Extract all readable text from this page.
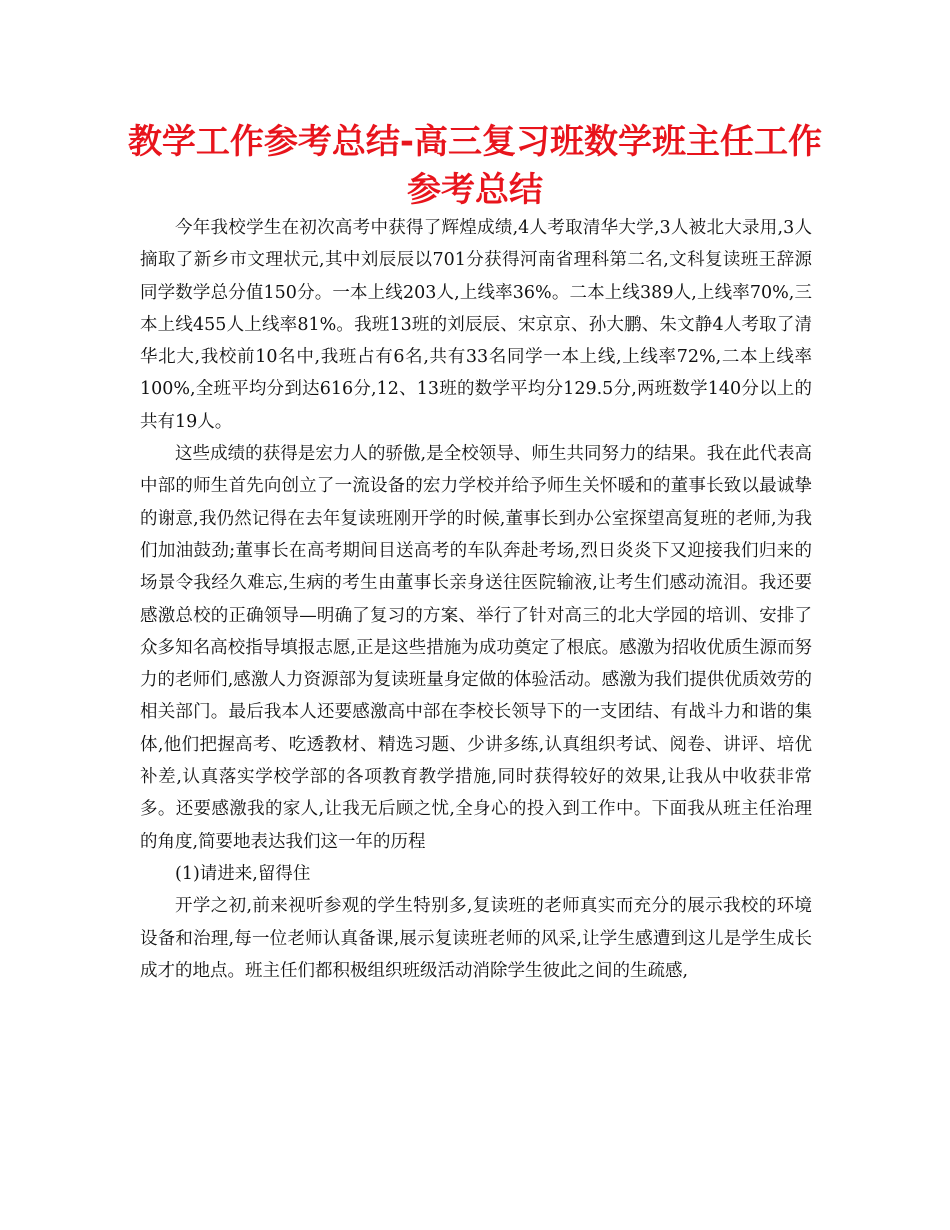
教学工作参考总结-高三复习班数学班主任工作参考总结

今年我校学生在初次高考中获得了辉煌成绩,4人考取清华大学,3人被北大录用,3人摘取了新乡市文理状元,其中刘辰辰以701分获得河南省理科第二名,文科复读班王辞源同学数学总分值150分。一本上线203人,上线率36%。二本上线389人,上线率70%,三本上线455人上线率81%。我班13班的刘辰辰、宋京京、孙大鹏、朱文静4人考取了清华北大,我校前10名中,我班占有6名,共有33名同学一本上线,上线率72%,二本上线率100%,全班平均分到达616分,12、13班的数学平均分129.5分,两班数学140分以上的共有19人。

这些成绩的获得是宏力人的骄傲,是全校领导、师生共同努力的结果。我在此代表高中部的师生首先向创立了一流设备的宏力学校并给予师生关怀暖和的董事长致以最诚挚的谢意,我仍然记得在去年复读班刚开学的时候,董事长到办公室探望高复班的老师,为我们加油鼓劲;董事长在高考期间目送高考的车队奔赴考场,烈日炎炎下又迎接我们归来的场景令我经久难忘,生病的考生由董事长亲身送往医院输液,让考生们感动流泪。我还要感激总校的正确领导—明确了复习的方案、举行了针对高三的北大学园的培训、安排了众多知名高校指导填报志愿,正是这些措施为成功奠定了根底。感激为招收优质生源而努力的老师们,感激人力资源部为复读班量身定做的体验活动。感激为我们提供优质效劳的相关部门。最后我本人还要感激高中部在李校长领导下的一支团结、有战斗力和谐的集体,他们把握高考、吃透教材、精选习题、少讲多练,认真组织考试、阅卷、讲评、培优补差,认真落实学校学部的各项教育教学措施,同时获得较好的效果,让我从中收获非常多。还要感激我的家人,让我无后顾之忧,全身心的投入到工作中。下面我从班主任治理的角度,简要地表达我们这一年的历程

(1)请进来,留得住

开学之初,前来视听参观的学生特别多,复读班的老师真实而充分的展示我校的环境设备和治理,每一位老师认真备课,展示复读班老师的风采,让学生感遭到这儿是学生成长成才的地点。班主任们都积极组织班级活动消除学生彼此之间的生疏感,
